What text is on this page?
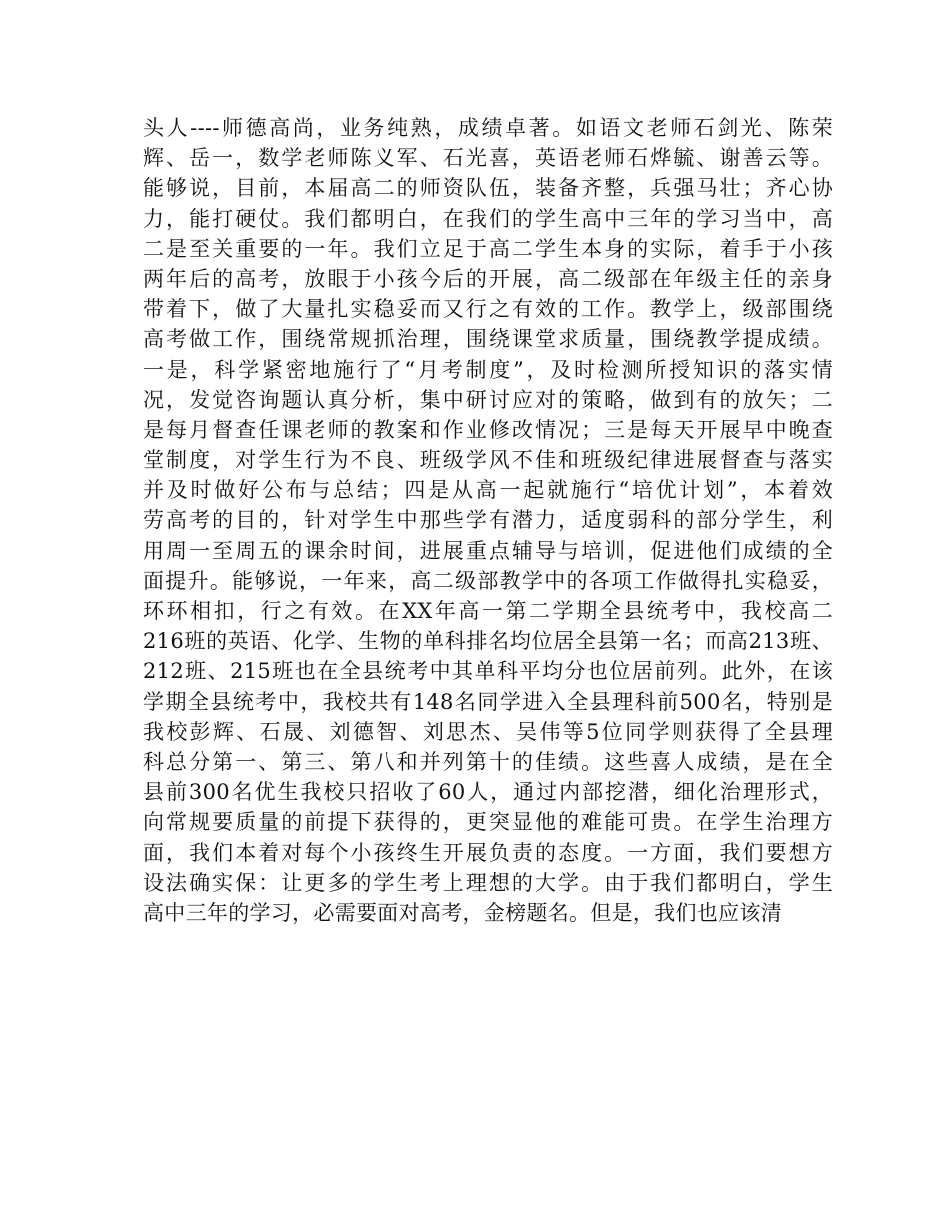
头人----师德高尚，业务纯熟，成绩卓著。如语文老师石剑光、陈荣
辉、岳一，数学老师陈义军、石光喜，英语老师石烨毓、谢善云等。
能够说，目前，本届高二的师资队伍，装备齐整，兵强马壮；齐心协
力，能打硬仗。我们都明白，在我们的学生高中三年的学习当中，高
二是至关重要的一年。我们立足于高二学生本身的实际，着手于小孩
两年后的高考，放眼于小孩今后的开展，高二级部在年级主任的亲身
带着下，做了大量扎实稳妥而又行之有效的工作。教学上，级部围绕
高考做工作，围绕常规抓治理，围绕课堂求质量，围绕教学提成绩。
一是，科学紧密地施行了“月考制度”，及时检测所授知识的落实情
况，发觉咨询题认真分析，集中研讨应对的策略，做到有的放矢；二
是每月督查任课老师的教案和作业修改情况；三是每天开展早中晚查
堂制度，对学生行为不良、班级学风不佳和班级纪律进展督查与落实
并及时做好公布与总结；四是从高一起就施行“培优计划”，本着效
劳高考的目的，针对学生中那些学有潜力，适度弱科的部分学生，利
用周一至周五的课余时间，进展重点辅导与培训，促进他们成绩的全
面提升。能够说，一年来，高二级部教学中的各项工作做得扎实稳妥，
环环相扣，行之有效。在XX年高一第二学期全县统考中，我校高二
216班的英语、化学、生物的单科排名均位居全县第一名；而高213班、
212班、215班也在全县统考中其单科平均分也位居前列。此外，在该
学期全县统考中，我校共有148名同学进入全县理科前500名，特别是
我校彭辉、石晟、刘德智、刘思杰、吴伟等5位同学则获得了全县理
科总分第一、第三、第八和并列第十的佳绩。这些喜人成绩，是在全
县前300名优生我校只招收了60人，通过内部挖潜，细化治理形式，
向常规要质量的前提下获得的，更突显他的难能可贵。在学生治理方
面，我们本着对每个小孩终生开展负责的态度。一方面，我们要想方
设法确实保：让更多的学生考上理想的大学。由于我们都明白，学生
高中三年的学习，必需要面对高考，金榜题名。但是，我们也应该清
